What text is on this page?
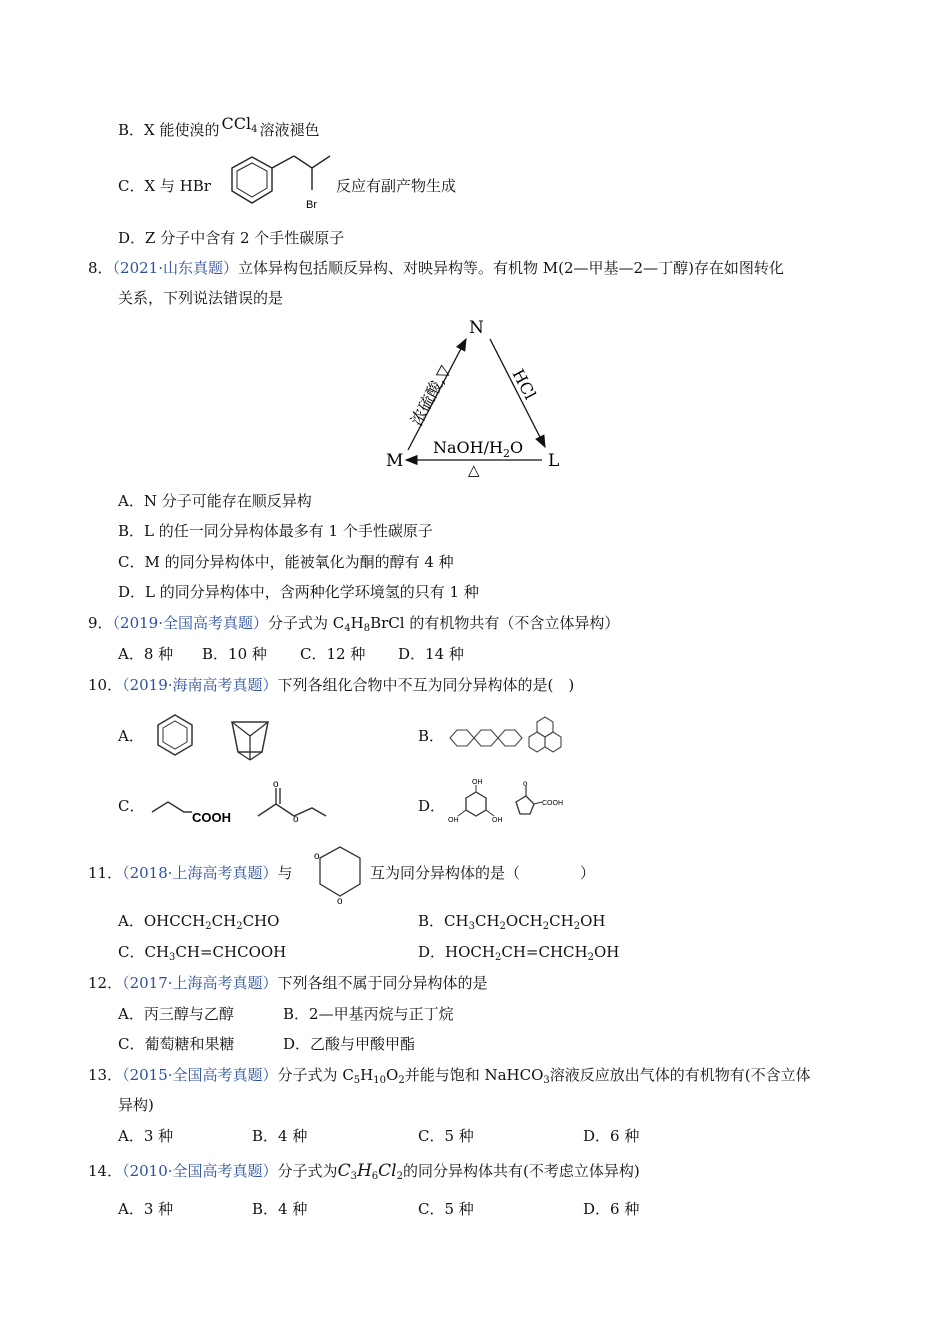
B．X 能使溴的 CCl$_4$ 溶液褪色
C．X 与 HBr
Br
反应有副产物生成
D．Z 分子中含有 2 个手性碳原子
8．（2021·山东真题）立体异构包括顺反异构、对映异构等。有机物 M(2—甲基—2—丁醇)存在如图转化
关系，下列说法错误的是
N
M	L
浓硫酸,▽	HCl
NaOH/$H_2O$
△
A．N 分子可能存在顺反异构
B．L 的任一同分异构体最多有 1 个手性碳原子
C．M 的同分异构体中，能被氧化为酮的醇有 4 种
D．L 的同分异构体中，含两种化学环境氢的只有 1 种
9．（2019·全国高考真题）分子式为 $C_4H_8BrCl$ 的有机物共有（不含立体异构）
A．8 种 B．10 种 C．12 种 D．14 种
10．（2019·海南高考真题）下列各组化合物中不互为同分异构体的是(　)
A．	B．
C．
COOH
o
o
D．
OH
OH	OH
o
COOH
11．（2018·上海高考真题）与
o
o
互为同分异构体的是（　　　　）
A．$OHCCH_2CH_2CHO$	B．$CH_3CH_2OCH_2CH_2OH$
C．$CH_3CH=CHCOOH$	D．$HOCH_2CH=CHCH_2OH$
12．（2017·上海高考真题）下列各组不属于同分异构体的是
A．丙三醇与乙醇	B．2—甲基丙烷与正丁烷
C．葡萄糖和果糖	D．乙酸与甲酸甲酯
13．（2015·全国高考真题）分子式为 $C_5H_{10}O_2$并能与饱和 NaHCO$_3$溶液反应放出气体的有机物有(不含立体
异构)
A．3 种	B．4 种	C．5 种	D．6 种
14．（2010·全国高考真题）分子式为$C_3H_6Cl_2$的同分异构体共有(不考虑立体异构)
A．3 种	B．4 种	C．5 种	D．6 种
